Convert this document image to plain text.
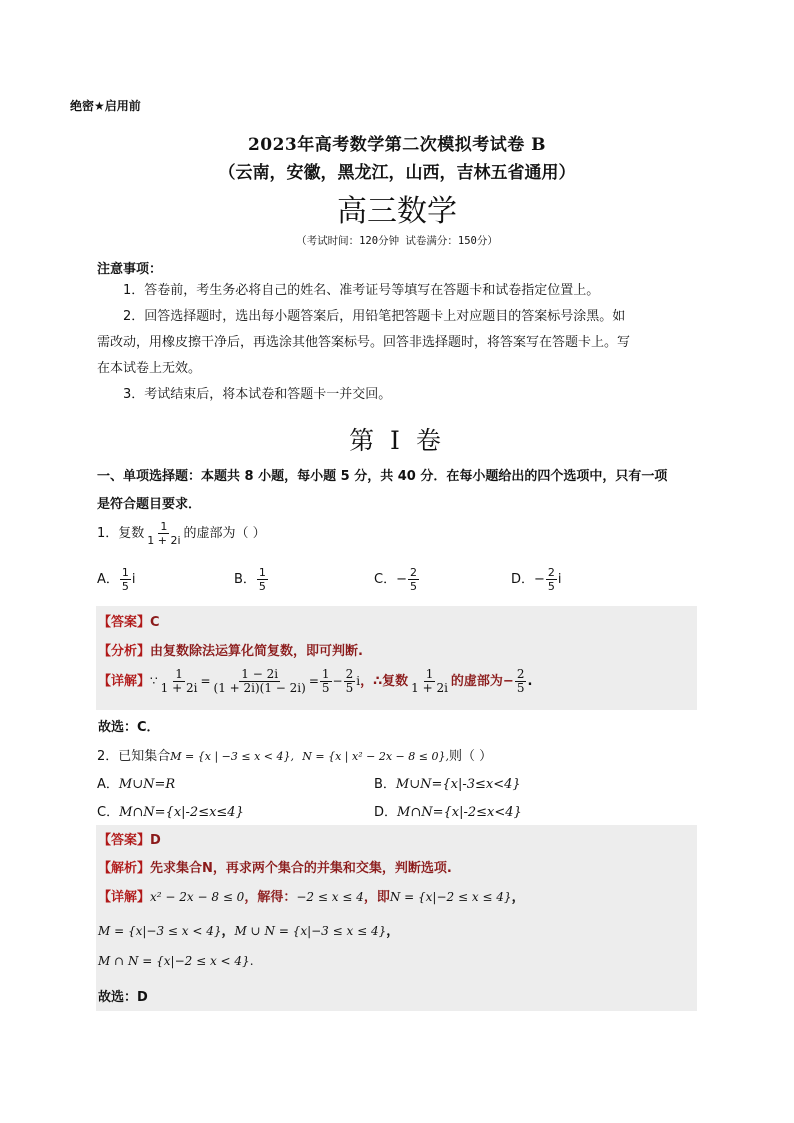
绝密★启用前
2023年高考数学第二次模拟考试卷 B
（云南，安徽，黑龙江，山西，吉林五省通用）
高三数学
（考试时间：120分钟 试卷满分：150分）
注意事项：

1．答卷前，考生务必将自己的姓名、准考证号等填写在答题卡和试卷指定位置上。

2．回答选择题时，选出每小题答案后，用铅笔把答题卡上对应题目的答案标号涂黑。如

需改动，用橡皮擦干净后，再选涂其他答案标号。回答非选择题时，将答案写在答题卡上。写

在本试卷上无效。

3．考试结束后，将本试卷和答题卡一并交回。

第 I 卷
一、单项选择题：本题共 8 小题，每小题 5 分，共 40 分．在每小题给出的四个选项中，只有一项
是符合题目要求．
1．复数 $\frac{1}{1 + 2i}$ 的虚部为（ ）
A． $\frac{1}{5}$ i	B． $\frac{1}{5}$	C．− $\frac{2}{5}$	D．− $\frac{2}{5}$ i
【答案】C
【分析】由复数除法运算化简复数，即可判断.
【详解】∵ $\frac{1}{1 + 2i} = \frac{1 - 2i}{(1 + 2i)(1 - 2i)} = \frac{1}{5} - \frac{2}{5}$ i，∴复数 $\frac{1}{1 + 2i}$ 的虚部为− $\frac{2}{5}$ .
故选：C．
2．已知集合M = {x | −3 ≤ x < 4}, N = {x | x² − 2x − 8 ≤ 0},则（ ）
A．M∪N=R	B．M∪N={x|-3≤x<4}
C．M∩N={x|-2≤x≤4}	D．M∩N={x|-2≤x<4}
【答案】D
【解析】先求集合N，再求两个集合的并集和交集，判断选项.
【详解】x² − 2x − 8 ≤ 0，解得：−2 ≤ x ≤ 4，即N = {x|−2 ≤ x ≤ 4}，
M = {x|−3 ≤ x < 4}，M ∪ N = {x|−3 ≤ x ≤ 4}，
M ∩ N = {x|−2 ≤ x < 4}.
故选：D
